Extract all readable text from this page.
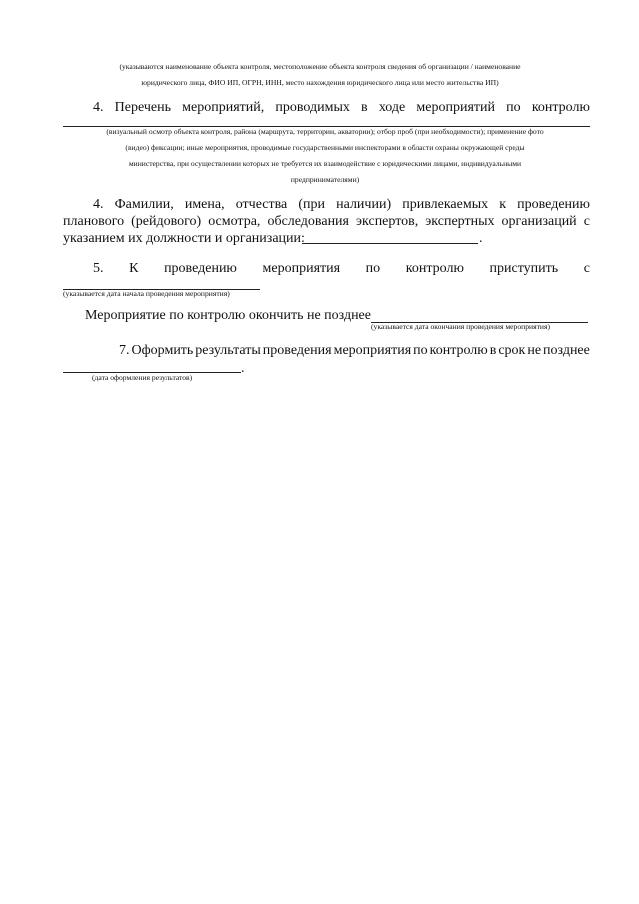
(указываются наименование объекта контроля, местоположение объекта контроля сведения об организации / наименование
юридического лица, ФИО ИП, ОГРН, ИНН, место нахождения юридического лица или место жительства ИП)
4. Перечень мероприятий, проводимых в ходе мероприятий по контролю
(визуальный осмотр объекта контроля, района (маршрута, территории, акватории); отбор проб (при необходимости); применение фото
(видео) фиксации; иные мероприятия, проводимые государственными инспекторами в области охраны окружающей среды
министерства, при осуществлении которых не требуется их взаимодействие с юридическими лицами, индивидуальными
предпринимателями)
4. Фамилии, имена, отчества (при наличии) привлекаемых к проведению
планового (рейдового) осмотра, обследования экспертов, экспертных организаций с
указанием их должности и организации:	.
5. К проведению мероприятия по контролю приступить с
(указывается дата начала проведения мероприятия)
Мероприятие по контролю окончить не позднее
(указывается дата окончания проведения мероприятия)
7. Оформить результаты проведения мероприятия по контролю в срок не позднее
.
(дата оформления результатов)
